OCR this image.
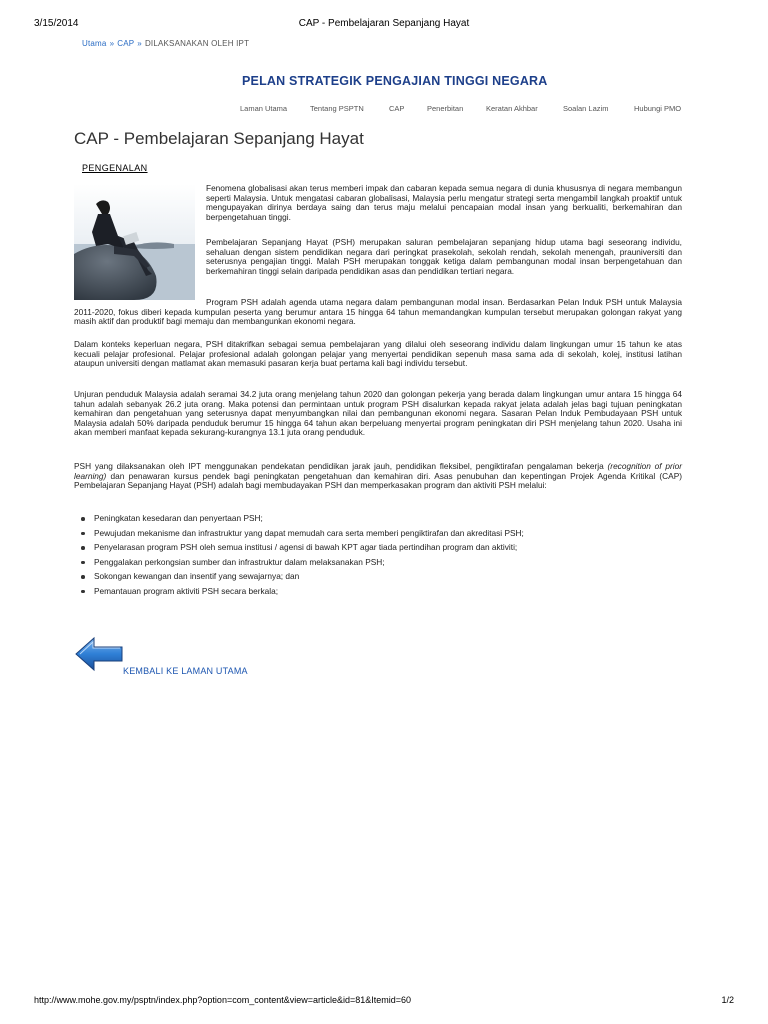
3/15/2014	CAP - Pembelajaran Sepanjang Hayat
Utama » CAP » DILAKSANAKAN OLEH IPT
PELAN STRATEGIK PENGAJIAN TINGGI NEGARA
Laman Utama	Tentang PSPTN	CAP	Penerbitan	Keratan Akhbar	Soalan Lazim	Hubungi PMO
CAP - Pembelajaran Sepanjang Hayat
PENGENALAN

Fenomena globalisasi akan terus memberi impak dan cabaran kepada semua negara di dunia khususnya di negara membangun seperti Malaysia. Untuk mengatasi cabaran globalisasi, Malaysia perlu mengatur strategi serta mengambil langkah proaktif untuk mengupayakan dirinya berdaya saing dan terus maju melalui pencapaian modal insan yang berkualiti, berkemahiran dan berpengetahuan tinggi.

Pembelajaran Sepanjang Hayat (PSH) merupakan saluran pembelajaran sepanjang hidup utama bagi seseorang individu, sehaluan dengan sistem pendidikan negara dari peringkat prasekolah, sekolah rendah, sekolah menengah, prauniversiti dan seterusnya pengajian tinggi. Malah PSH merupakan tonggak ketiga dalam pembangunan modal insan berpengetahuan dan berkemahiran tinggi selain daripada pendidikan asas dan pendidikan tertiari negara.

Program PSH adalah agenda utama negara dalam pembangunan modal insan. Berdasarkan Pelan Induk PSH untuk Malaysia 2011-2020, fokus diberi kepada kumpulan peserta yang berumur antara 15 hingga 64 tahun memandangkan kumpulan tersebut merupakan golongan rakyat yang masih aktif dan produktif bagi memaju dan membangunkan ekonomi negara.

Dalam konteks keperluan negara, PSH ditakrifkan sebagai semua pembelajaran yang dilalui oleh seseorang individu dalam lingkungan umur 15 tahun ke atas kecuali pelajar profesional. Pelajar profesional adalah golongan pelajar yang menyertai pendidikan sepenuh masa sama ada di sekolah, kolej, institusi latihan ataupun universiti dengan matlamat akan memasuki pasaran kerja buat pertama kali bagi individu tersebut.

Unjuran penduduk Malaysia adalah seramai 34.2 juta orang menjelang tahun 2020 dan golongan pekerja yang berada dalam lingkungan umur antara 15 hingga 64 tahun adalah sebanyak 26.2 juta orang. Maka potensi dan permintaan untuk program PSH disalurkan kepada rakyat jelata adalah jelas bagi tujuan peningkatan kemahiran dan pengetahuan yang seterusnya dapat menyumbangkan nilai dan pembangunan ekonomi negara. Sasaran Pelan Induk Pembudayaan PSH untuk Malaysia adalah 50% daripada penduduk berumur 15 hingga 64 tahun akan berpeluang menyertai program peningkatan diri PSH menjelang tahun 2020. Usaha ini akan memberi manfaat kepada sekurang-kurangnya 13.1 juta orang penduduk.

PSH yang dilaksanakan oleh IPT menggunakan pendekatan pendidikan jarak jauh, pendidikan fleksibel, pengiktirafan pengalaman bekerja (recognition of prior learning) dan penawaran kursus pendek bagi peningkatan pengetahuan dan kemahiran diri. Asas penubuhan dan kepentingan Projek Agenda Kritikal (CAP) Pembelajaran Sepanjang Hayat (PSH) adalah bagi membudayakan PSH dan memperkasakan program dan aktiviti PSH melalui:

Peningkatan kesedaran dan penyertaan PSH;
Pewujudan mekanisme dan infrastruktur yang dapat memudah cara serta memberi pengiktirafan dan akreditasi PSH;
Penyelarasan program PSH oleh semua institusi / agensi di bawah KPT agar tiada pertindihan program dan aktiviti;
Penggalakan perkongsian sumber dan infrastruktur dalam melaksanakan PSH;
Sokongan kewangan dan insentif yang sewajarnya; dan
Pemantauan program aktiviti PSH secara berkala;
KEMBALI KE LAMAN UTAMA
http://www.mohe.gov.my/psptn/index.php?option=com_content&view=article&id=81&Itemid=60	1/2
